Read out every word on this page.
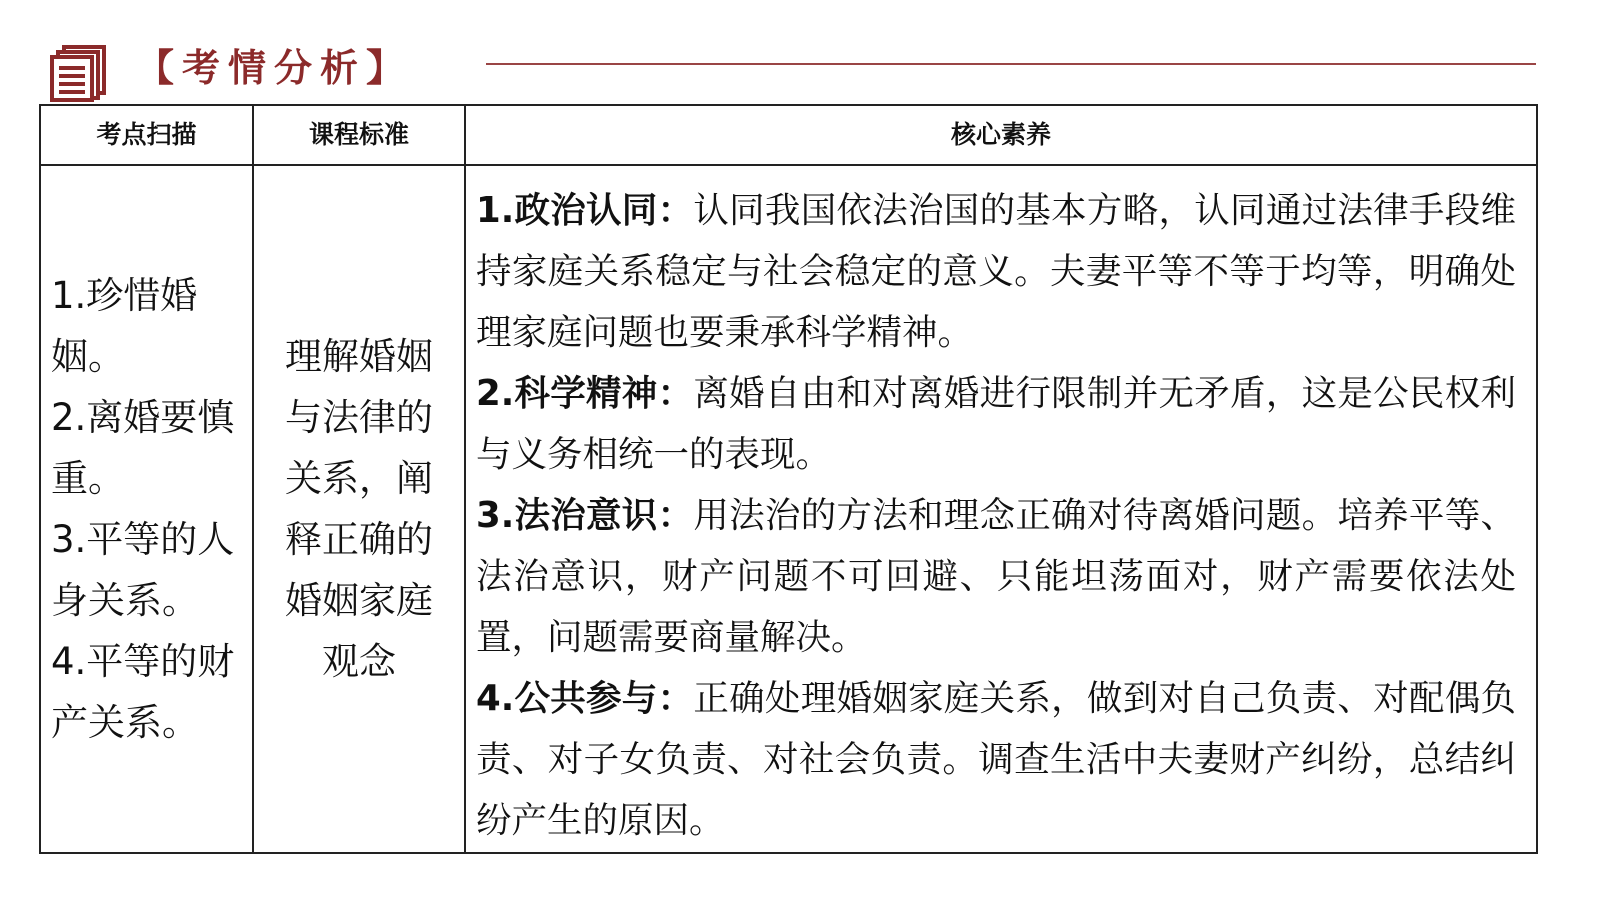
【考情分析】
考点扫描	课程标准	核心素养
1.珍惜婚姻。
2.离婚要慎重。
3.平等的人身关系。
4.平等的财产关系。
理解婚姻与法律的关系，阐释正确的婚姻家庭观念
1.政治认同：认同我国依法治国的基本方略，认同通过法律手段维持家庭关系稳定与社会稳定的意义。夫妻平等不等于均等，明确处理家庭问题也要秉承科学精神。
2.科学精神：离婚自由和对离婚进行限制并无矛盾，这是公民权利与义务相统一的表现。
3.法治意识：用法治的方法和理念正确对待离婚问题。培养平等、法治意识，财产问题不可回避、只能坦荡面对，财产需要依法处置，问题需要商量解决。
4.公共参与：正确处理婚姻家庭关系，做到对自己负责、对配偶负责、对子女负责、对社会负责。调查生活中夫妻财产纠纷，总结纠纷产生的原因。
